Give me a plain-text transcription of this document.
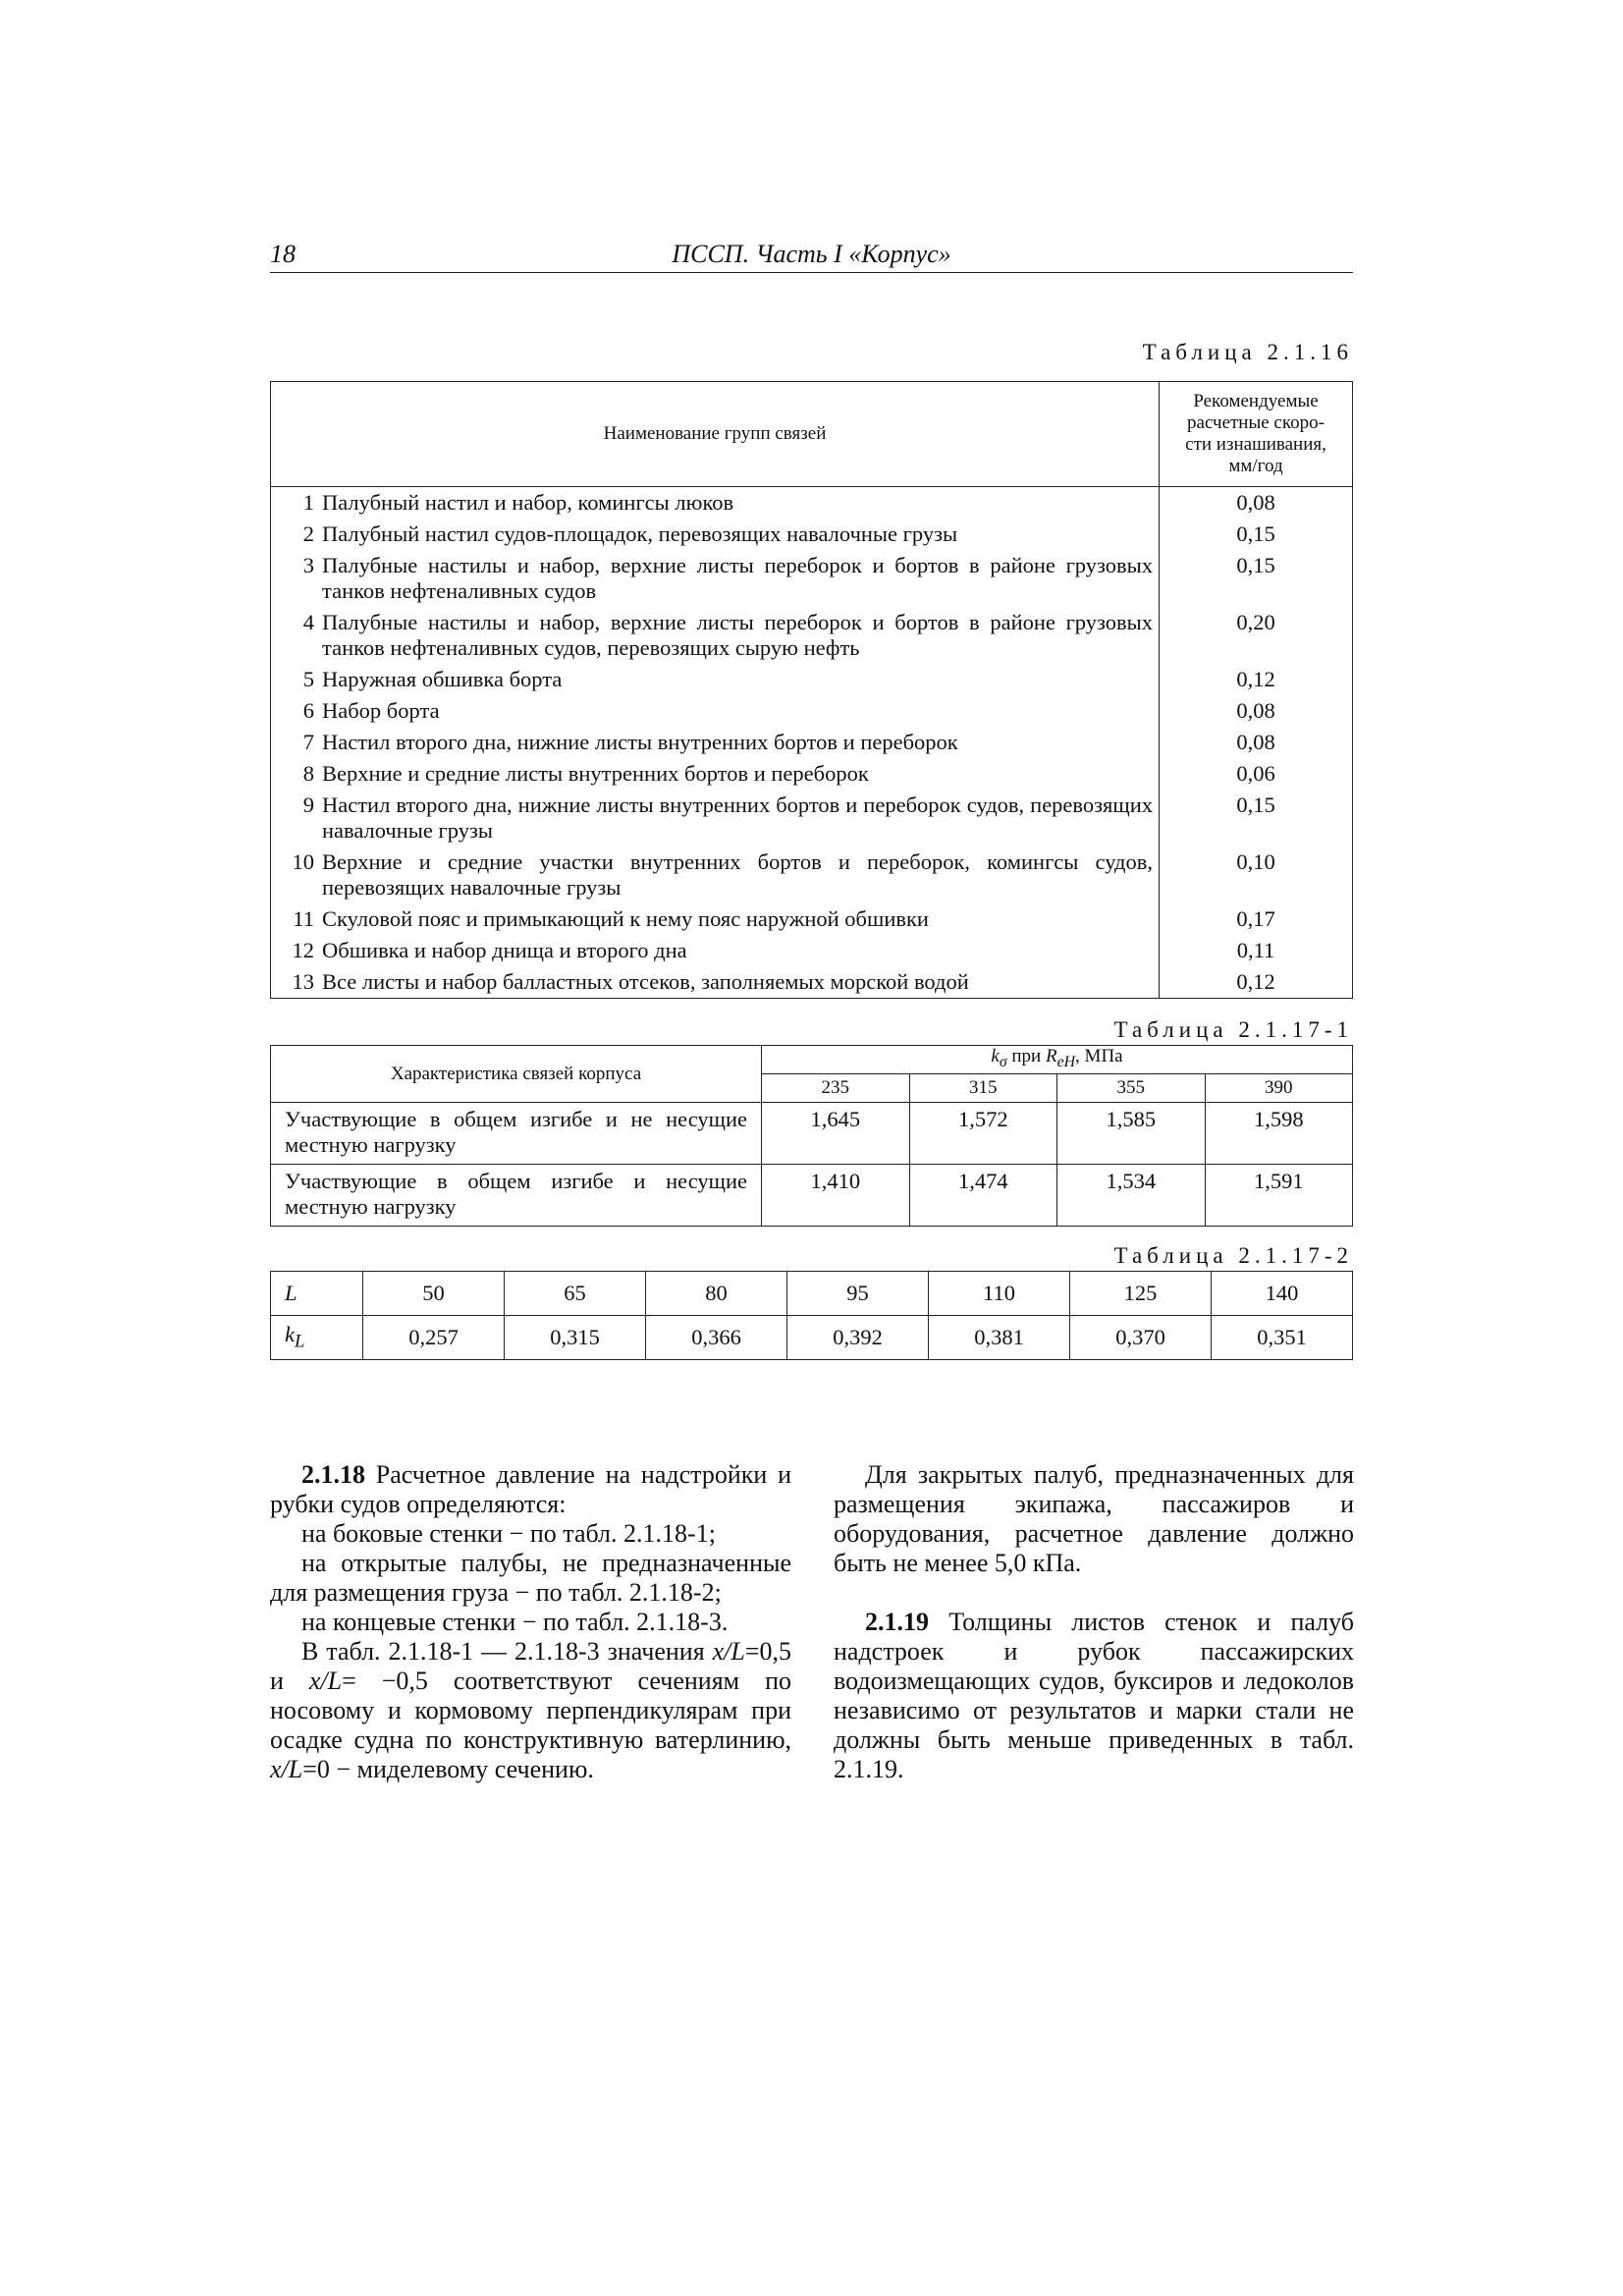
ПССП. Часть I «Корпус»
18
Таблица 2.1.16
Наименование групп связей		Рекомендуемые
расчетные скоро-
сти изнашивания,
мм/год

1	Палубный настил и набор, комингсы люков	0,08
2	Палубный настил судов-площадок, перевозящих навалочные грузы	0,15
3	Палубные настилы и набор, верхние листы переборок и бортов в районе грузовых танков нефтеналивных судов	0,15
4	Палубные настилы и набор, верхние листы переборок и бортов в районе грузовых танков нефтеналивных судов, перевозящих сырую нефть	0,20
5	Наружная обшивка борта	0,12
6	Набор борта	0,08
7	Настил второго дна, нижние листы внутренних бортов и переборок	0,08
8	Верхние и средние листы внутренних бортов и переборок	0,06
9	Настил второго дна, нижние листы внутренних бортов и переборок судов, перевозящих навалочные грузы	0,15
10	Верхние и средние участки внутренних бортов и переборок, комингсы судов, перевозящих навалочные грузы	0,10
11	Скуловой пояс и примыкающий к нему пояс наружной обшивки	0,17
12	Обшивка и набор днища и второго дна	0,11
13	Все листы и набор балластных отсеков, заполняемых морской водой	0,12
Таблица 2.1.17-1
Характеристика связей корпуса	$k_\sigma$ при $R_{eH}$, МПа			
	235	315	355	390
Участвующие в общем изгибе и не несущие местную нагрузку	1,645	1,572	1,585	1,598
Участвующие в общем изгибе и несущие местную нагрузку	1,410	1,474	1,534	1,591
Таблица 2.1.17-2
L	50	65	80	95	110	125	140
$k_L$	0,257	0,315	0,366	0,392	0,381	0,370	0,351

2.1.18 Расчетное давление на надстройки и рубки судов определяются:

на боковые стенки − по табл. 2.1.18-1;

на открытые палубы, не предназначенные для размещения груза − по табл. 2.1.18-2;

на концевые стенки − по табл. 2.1.18-3.

В табл. 2.1.18-1 — 2.1.18-3 значения x/L=0,5 и x/L= −0,5 соответствуют сечениям по носовому и кормовому перпендикулярам при осадке судна по конструктивную ватерлинию, x/L=0 − миделевому сечению.

Для закрытых палуб, предназначенных для размещения экипажа, пассажиров и оборудования, расчетное давление должно быть не менее 5,0 кПа.

2.1.19 Толщины листов стенок и палуб надстроек и рубок пассажирских водоизмещающих судов, буксиров и ледоколов независимо от результатов и марки стали не должны быть меньше приведенных в табл. 2.1.19.
